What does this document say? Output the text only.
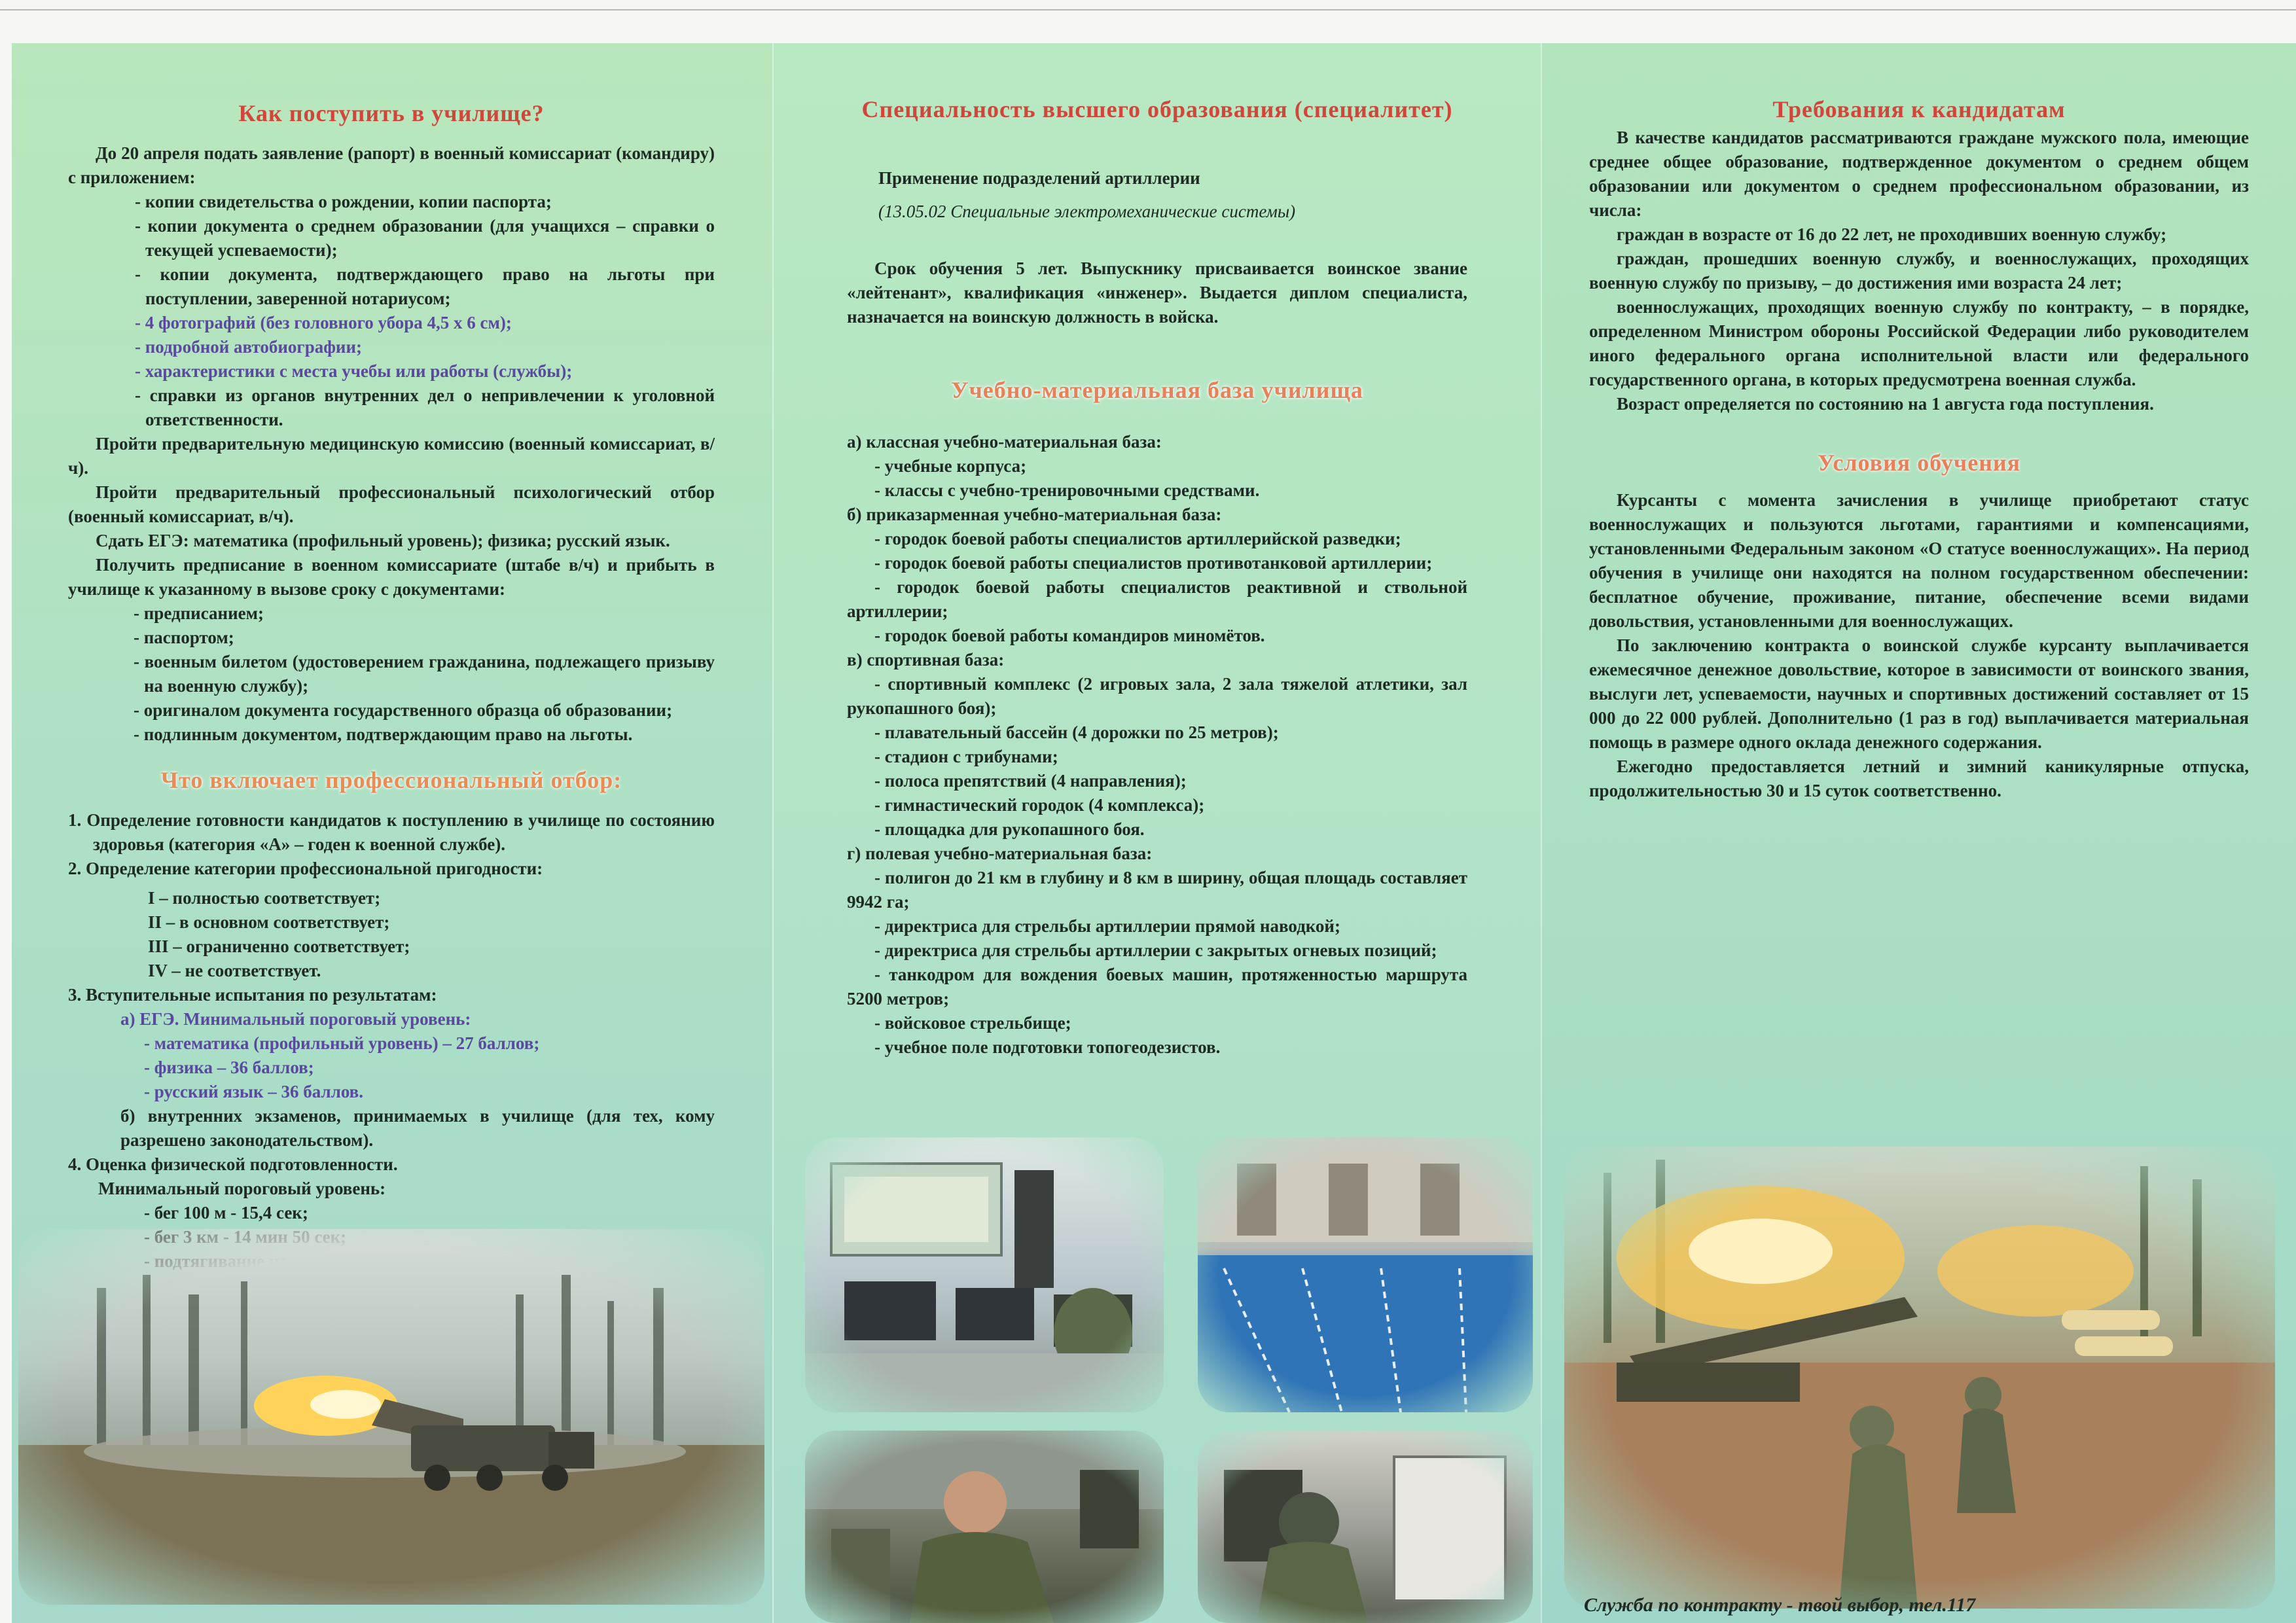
Как поступить в училище?

До 20 апреля подать заявление (рапорт) в военный комиссариат (командиру) с приложением:

- копии свидетельства о рождении, копии паспорта;
- копии документа о среднем образовании (для учащихся – справки о текущей успеваемости);
- копии документа, подтверждающего право на льготы при поступлении, заверенной нотариусом;
- 4 фотографий (без головного убора 4,5 х 6 см);
- подробной автобиографии;
- характеристики с места учебы или работы (службы);
- справки из органов внутренних дел о непривлечении к уголовной ответственности.

Пройти предварительную медицинскую комиссию (военный комиссариат, в/ч).

Пройти предварительный профессиональный психологический отбор (военный комиссариат, в/ч).

Сдать ЕГЭ: математика (профильный уровень); физика; русский язык.

Получить предписание в военном комиссариате (штабе в/ч) и прибыть в училище к указанному в вызове сроку с документами:

- предписанием;
- паспортом;
- военным билетом (удостоверением гражданина, подлежащего призыву на военную службу);
- оригиналом документа государственного образца об образовании;
- подлинным документом, подтверждающим право на льготы.
Что включает профессиональный отбор:

1. Определение готовности кандидатов к поступлению в училище по состоянию здоровья (категория «А» – годен к военной службе).

2. Определение категории профессиональной пригодности:

I – полностью соответствует;
II – в основном соответствует;
III – ограниченно соответствует;
IV – не соответствует.

3. Вступительные испытания по результатам:

а) ЕГЭ. Минимальный пороговый уровень:

- математика (профильный уровень) – 27 баллов;
- физика – 36 баллов;
- русский язык – 36 баллов.

б) внутренних экзаменов, принимаемых в училище (для тех, кому разрешено законодательством).

4. Оценка физической подготовленности.

Минимальный пороговый уровень:

- бег 100 м - 15,4 сек;
Специальность высшего образования (специалитет)
Применение подразделений артиллерии
(13.05.02 Специальные электромеханические системы)
Срок обучения 5 лет. Выпускнику присваивается воинское звание «лейтенант», квалификация «инженер». Выдается диплом специалиста, назначается на воинскую должность в войска.
Учебно-материальная база училища
а) классная учебно-материальная база:
- учебные корпуса;
- классы с учебно-тренировочными средствами.
б) приказарменная учебно-материальная база:
- городок боевой работы специалистов артиллерийской разведки;
- городок боевой работы специалистов противотанковой артиллерии;
- городок боевой работы специалистов реактивной и ствольной артиллерии;
- городок боевой работы командиров миномётов.
в) спортивная база:
- спортивный комплекс (2 игровых зала, 2 зала тяжелой атлетики, зал рукопашного боя);
- плавательный бассейн (4 дорожки по 25 метров);
- стадион с трибунами;
- полоса препятствий (4 направления);
- гимнастический городок (4 комплекса);
- площадка для рукопашного боя.
г) полевая учебно-материальная база:
- полигон до 21 км в глубину и 8 км в ширину, общая площадь составляет 9942 га;
- директриса для стрельбы артиллерии прямой наводкой;
- директриса для стрельбы артиллерии с закрытых огневых позиций;
- танкодром для вождения боевых машин, протяженностью маршрута 5200 метров;
- войсковое стрельбище;
- учебное поле подготовки топогеодезистов.
Требования к кандидатам

В качестве кандидатов рассматриваются граждане мужского пола, имеющие среднее общее образование, подтвержденное документом о среднем общем образовании или документом о среднем профессиональном образовании, из числа:

граждан в возрасте от 16 до 22 лет, не проходивших военную службу;

граждан, прошедших военную службу, и военнослужащих, проходящих военную службу по призыву, – до достижения ими возраста 24 лет;

военнослужащих, проходящих военную службу по контракту, – в порядке, определенном Министром обороны Российской Федерации либо руководителем иного федерального органа исполнительной власти или федерального государственного органа, в которых предусмотрена военная служба.

Возраст определяется по состоянию на 1 августа года поступления.

Условия обучения

Курсанты с момента зачисления в училище приобретают статус военнослужащих и пользуются льготами, гарантиями и компенсациями, установленными Федеральным законом «О статусе военнослужащих». На период обучения в училище они находятся на полном государственном обеспечении: бесплатное обучение, проживание, питание, обеспечение всеми видами довольствия, установленными для военнослужащих.

По заключению контракта о воинской службе курсанту выплачивается ежемесячное денежное довольствие, которое в зависимости от воинского звания, выслуги лет, успеваемости, научных и спортивных достижений составляет от 15 000 до 22 000 рублей. Дополнительно (1 раз в год) выплачивается материальная помощь в размере одного оклада денежного содержания.

Ежегодно предоставляется летний и зимний каникулярные отпуска, продолжительностью 30 и 15 суток соответственно.

Служба по контракту - твой выбор, тел.117
